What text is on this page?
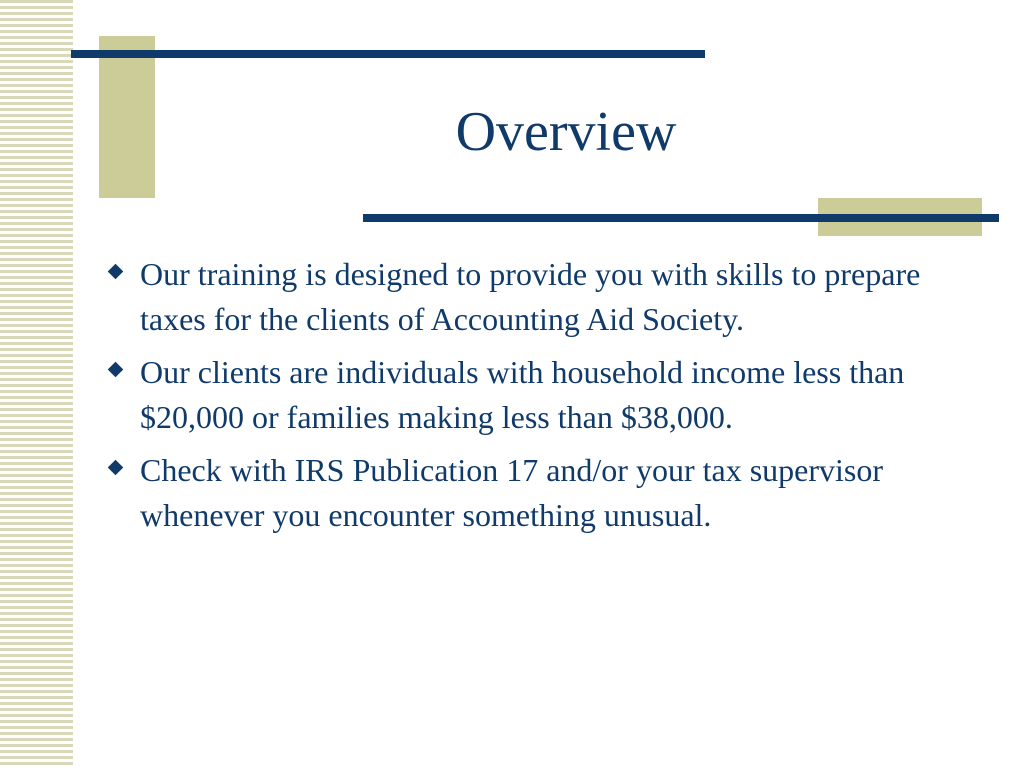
Overview
Our training is designed to provide you with skills to prepare taxes for the clients of Accounting Aid Society.
Our clients are individuals with household income less than $20,000 or families making less than $38,000.
Check with IRS Publication 17 and/or your tax supervisor whenever you encounter something unusual.
